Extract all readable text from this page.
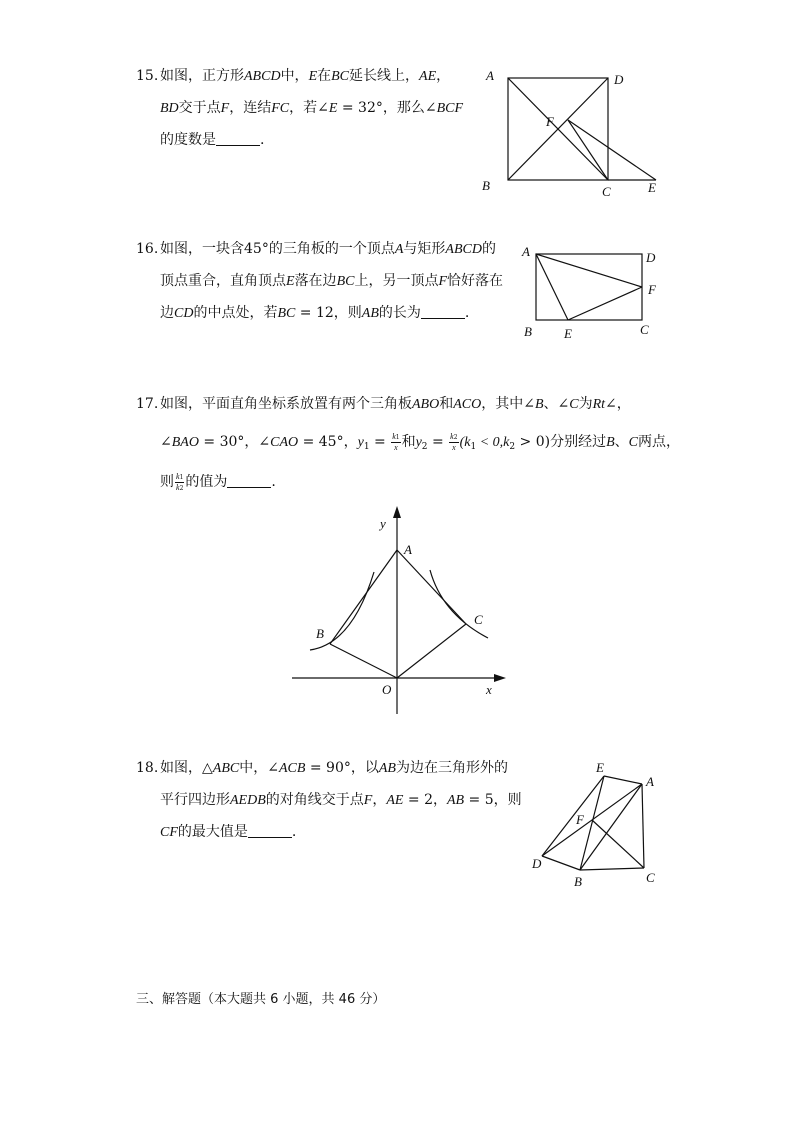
15. 如图，正方形ABCD中，E在BC延长线上，AE，
BD交于点F，连结FC，若∠E = 32°，那么∠BCF
的度数是	.
A	D
F
B	C	E
16. 如图，一块含45°的三角板的一个顶点A与矩形ABCD的
顶点重合，直角顶点E落在边BC上，另一顶点F恰好落在
边CD的中点处，若BC = 12，则AB的长为	.
A	D
F
B E	C
17. 如图，平面直角坐标系放置有两个三角板ABO和ACO，其中∠B、∠C为Rt∠，
∠BAO = 30°，∠CAO = 45°，$y_1 = \frac{k1}{x}$ 和$y_2 = \frac{k2}{x} (k_1 < 0,k_2 > 0)$分别经过B、C两点，
则 $\frac{k1}{k2}$ 的值为	.
y
A
B
C
O	x
18. 如图，△ABC中，∠ACB = 90°，以AB为边在三角形外的
平行四边形AEDB的对角线交于点F，AE = 2，AB = 5，则
CF的最大值是	.
E
A
F
D
B	C
三、解答题（本大题共 6 小题，共 46 分）
